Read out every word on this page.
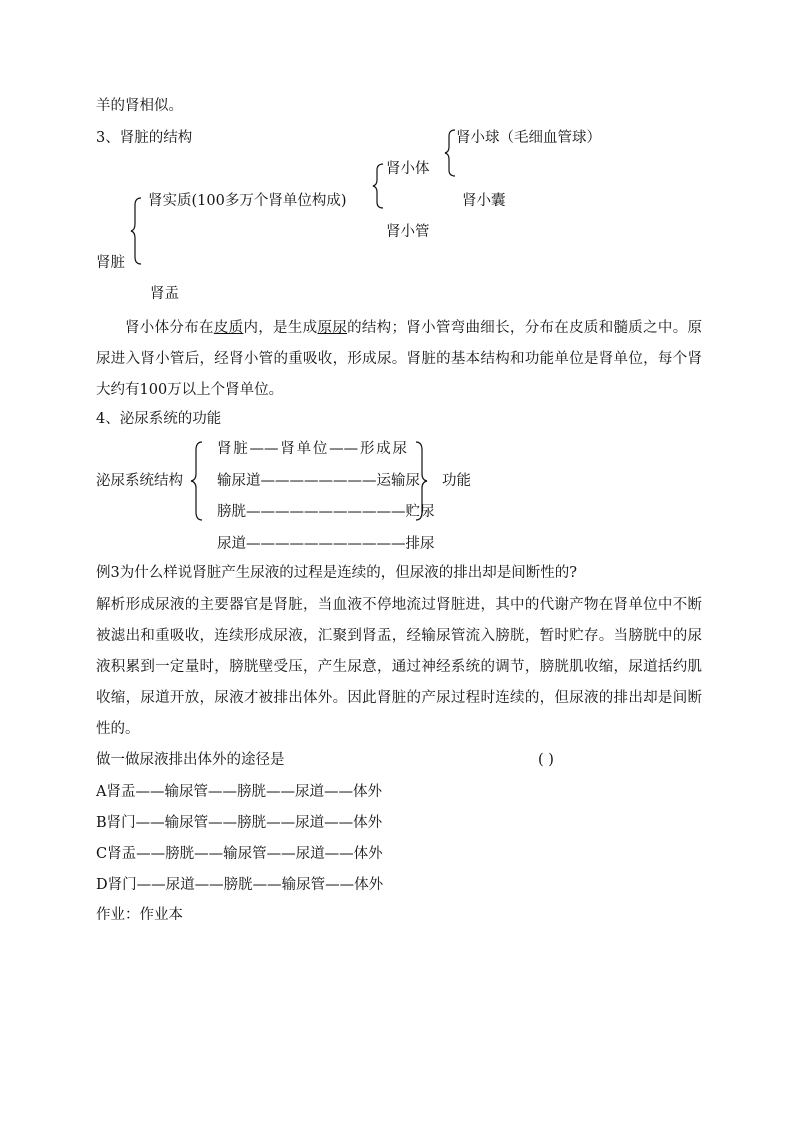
羊的肾相似。
3、肾脏的结构	肾小球（毛细血管球）
肾小体
肾小囊
肾实质(100多万个肾单位构成)
肾小管
肾脏
肾盂
肾小体分布在皮质内，是生成原尿的结构；肾小管弯曲细长，分布在皮质和髓质之中。原尿进入肾小管后，经肾小管的重吸收，形成尿。肾脏的基本结构和功能单位是肾单位，每个肾大约有100万以上个肾单位。
4、泌尿系统的功能
泌尿系统结构
肾脏——肾单位——形成尿
输尿道————————运输尿
膀胱———————————贮尿
尿道———————————排尿
功能
例3为什么样说肾脏产生尿液的过程是连续的，但尿液的排出却是间断性的?
解析形成尿液的主要器官是肾脏，当血液不停地流过肾脏进，其中的代谢产物在肾单位中不断被滤出和重吸收，连续形成尿液，汇聚到肾盂，经输尿管流入膀胱，暂时贮存。当膀胱中的尿液积累到一定量时，膀胱壁受压，产生尿意，通过神经系统的调节，膀胱肌收缩，尿道括约肌收缩，尿道开放，尿液才被排出体外。因此肾脏的产尿过程时连续的，但尿液的排出却是间断性的。
做一做尿液排出体外的途径是	( )
A肾盂——输尿管——膀胱——尿道——体外
B肾门——输尿管——膀胱——尿道——体外
C肾盂——膀胱——输尿管——尿道——体外
D肾门——尿道——膀胱——输尿管——体外
作业：作业本
